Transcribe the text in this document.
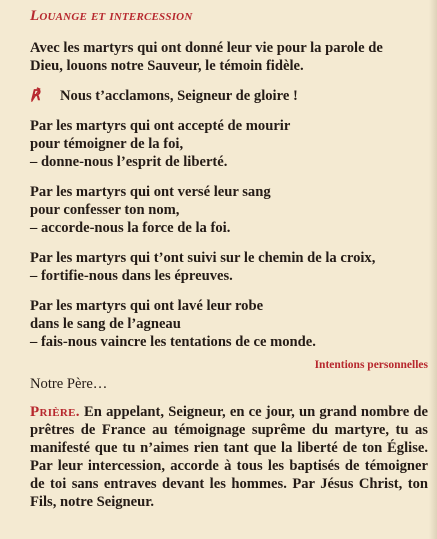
Louange et intercession
Avec les martyrs qui ont donné leur vie pour la parole de
Dieu, louons notre Sauveur, le témoin fidèle.
℟	Nous t’acclamons, Seigneur de gloire !
Par les martyrs qui ont accepté de mourir
pour témoigner de la foi,
– donne-nous l’esprit de liberté.
Par les martyrs qui ont versé leur sang
pour confesser ton nom,
– accorde-nous la force de la foi.
Par les martyrs qui t’ont suivi sur le chemin de la croix,
– fortifie-nous dans les épreuves.
Par les martyrs qui ont lavé leur robe
dans le sang de l’agneau
– fais-nous vaincre les tentations de ce monde.
Intentions personnelles
Notre Père…

Prière. En appelant, Seigneur, en ce jour, un grand nombre de prêtres de France au témoignage suprême du martyre, tu as manifesté que tu n’aimes rien tant que la liberté de ton Église. Par leur intercession, accorde à tous les baptisés de témoigner de toi sans entraves devant les hommes. Par Jésus Christ, ton Fils, notre Seigneur.
